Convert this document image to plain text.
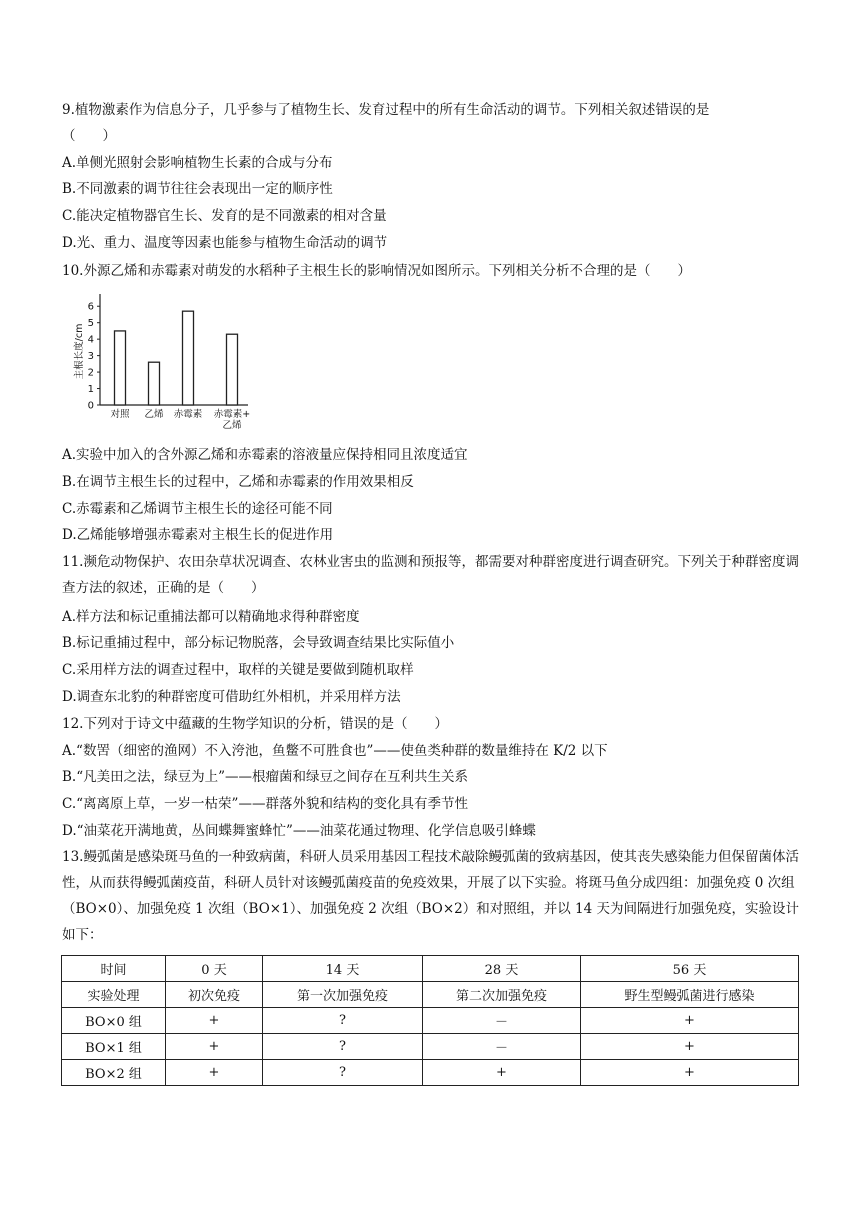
9.植物激素作为信息分子，几乎参与了植物生长、发育过程中的所有生命活动的调节。下列相关叙述错误的是
（　　）
A.单侧光照射会影响植物生长素的合成与分布
B.不同激素的调节往往会表现出一定的顺序性
C.能决定植物器官生长、发育的是不同激素的相对含量
D.光、重力、温度等因素也能参与植物生命活动的调节
10.外源乙烯和赤霉素对萌发的水稻种子主根生长的影响情况如图所示。下列相关分析不合理的是（　　）
0
1
2
3
4
5
6
主根长度/cm
对照 乙烯 赤霉素 赤霉素+
乙烯
A.实验中加入的含外源乙烯和赤霉素的溶液量应保持相同且浓度适宜
B.在调节主根生长的过程中，乙烯和赤霉素的作用效果相反
C.赤霉素和乙烯调节主根生长的途径可能不同
D.乙烯能够增强赤霉素对主根生长的促进作用
11.濒危动物保护、农田杂草状况调查、农林业害虫的监测和预报等，都需要对种群密度进行调查研究。下列关于种群密度调查方法的叙述，正确的是（　　）
A.样方法和标记重捕法都可以精确地求得种群密度
B.标记重捕过程中，部分标记物脱落，会导致调查结果比实际值小
C.采用样方法的调查过程中，取样的关键是要做到随机取样
D.调查东北豹的种群密度可借助红外相机，并采用样方法
12.下列对于诗文中蕴藏的生物学知识的分析，错误的是（　　）
A.“数罟（细密的渔网）不入洿池，鱼鳖不可胜食也”——使鱼类种群的数量维持在 K/2 以下
B.“凡美田之法，绿豆为上”——根瘤菌和绿豆之间存在互利共生关系
C.“离离原上草，一岁一枯荣”——群落外貌和结构的变化具有季节性
D.“油菜花开满地黄，丛间蝶舞蜜蜂忙”——油菜花通过物理、化学信息吸引蜂蝶
13.鳗弧菌是感染斑马鱼的一种致病菌，科研人员采用基因工程技术敲除鳗弧菌的致病基因，使其丧失感染能力但保留菌体活性，从而获得鳗弧菌疫苗，科研人员针对该鳗弧菌疫苗的免疫效果，开展了以下实验。将斑马鱼分成四组：加强免疫 0 次组（BO×0）、加强免疫 1 次组（BO×1）、加强免疫 2 次组（BO×2）和对照组，并以 14 天为间隔进行加强免疫，实验设计如下：
时间	0 天	14 天	28 天	56 天
实验处理	初次免疫	第一次加强免疫	第二次加强免疫	野生型鳗弧菌进行感染
BO×0 组	+	?	－	+
BO×1 组	+	?	－	+
BO×2 组	+	?	+	+
